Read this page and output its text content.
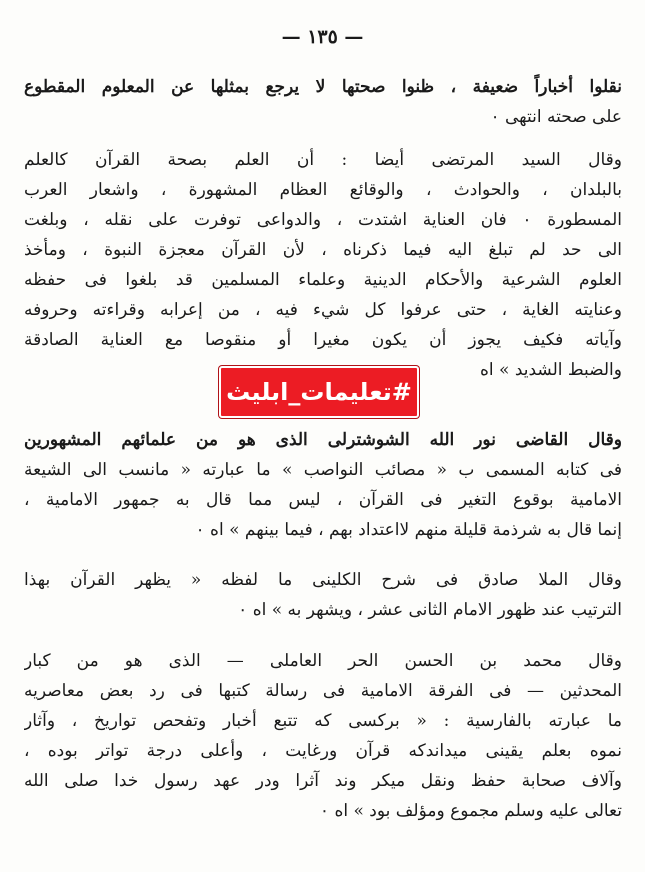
— ١٣٥ —
نقلوا أخباراً ضعيفة ، ظنوا صحتها لا يرجع بمثلها عن المعلوم المقطوع
على صحته انتهى ٠
وقال السيد المرتضى أيضا : أن العلم بصحة القرآن كالعلم
بالبلدان ، والحوادث ، والوقائع العظام المشهورة ، واشعار العرب
المسطورة ٠ فان العناية اشتدت ، والدواعى توفرت على نقله ، وبلغت
الى حد لم تبلغ اليه فيما ذكرناه ، لأن القرآن معجزة النبوة ، ومأخذ
العلوم الشرعية والأحكام الدينية وعلماء المسلمين قد بلغوا فى حفظه
وعنايته الغاية ، حتى عرفوا كل شيء فيه ، من إعرابه وقراءته وحروفه
وآياته فكيف يجوز أن يكون مغيرا أو منقوصا مع العناية الصادقة
والضبط الشديد » اه
وقال القاضى نور الله الشوشترلى الذى هو من علمائهم المشهورين
فى كتابه المسمى ب « مصائب النواصب » ما عبارته « مانسب الى الشيعة
الامامية بوقوع التغير فى القرآن ، ليس مما قال به جمهور الامامية ،
إنما قال به شرذمة قليلة منهم لااعتداد بهم ، فيما بينهم » اه ٠
وقال الملا صادق فى شرح الكلينى ما لفظه « يظهر القرآن بهذا
الترتيب عند ظهور الامام الثانى عشر ، ويشهر به » اه ٠
وقال محمد بن الحسن الحر العاملى — الذى هو من كبار
المحدثين — فى الفرقة الامامية فى رسالة كتبها فى رد بعض معاصريه
ما عبارته بالفارسية : « بركسى كه تتبع أخبار وتفحص تواريخ ، وآثار
نموه بعلم يقينى ميداندكه قرآن ورغايت ، وأعلى درجة تواتر بوده ،
وآلاف صحابة حفظ ونقل ميكر وند آثرا ودر عهد رسول خدا صلى الله
تعالى عليه وسلم مجموع ومؤلف بود » اه ٠
#تعليمات_ابليث
